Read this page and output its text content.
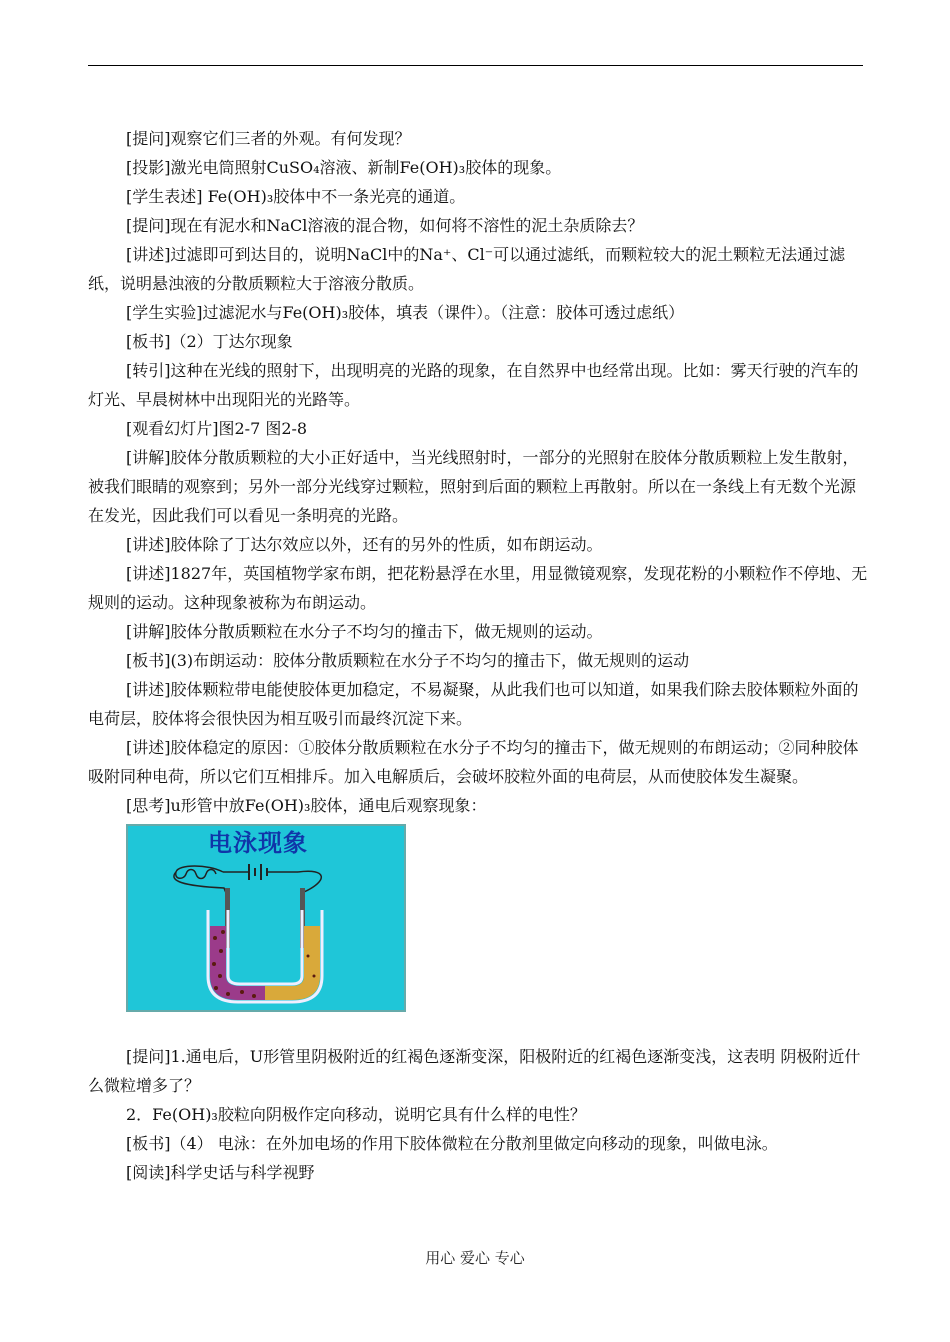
[提问]观察它们三者的外观。有何发现？

[投影]激光电筒照射CuSO₄溶液、新制Fe(OH)₃胶体的现象。

[学生表述] Fe(OH)₃胶体中不一条光亮的通道。

[提问]现在有泥水和NaCl溶液的混合物，如何将不溶性的泥土杂质除去？

[讲述]过滤即可到达目的，说明NaCl中的Na⁺、Cl⁻可以通过滤纸，而颗粒较大的泥土颗粒无法通过滤纸，说明悬浊液的分散质颗粒大于溶液分散质。

[学生实验]过滤泥水与Fe(OH)₃胶体，填表（课件）。（注意：胶体可透过虑纸）

[板书]（2）丁达尔现象

[转引]这种在光线的照射下，出现明亮的光路的现象，在自然界中也经常出现。比如：雾天行驶的汽车的灯光、早晨树林中出现阳光的光路等。

[观看幻灯片]图2-7 图2-8

[讲解]胶体分散质颗粒的大小正好适中，当光线照射时，一部分的光照射在胶体分散质颗粒上发生散射，被我们眼睛的观察到；另外一部分光线穿过颗粒，照射到后面的颗粒上再散射。所以在一条线上有无数个光源在发光，因此我们可以看见一条明亮的光路。

[讲述]胶体除了丁达尔效应以外，还有的另外的性质，如布朗运动。

[讲述]1827年，英国植物学家布朗，把花粉悬浮在水里，用显微镜观察，发现花粉的小颗粒作不停地、无规则的运动。这种现象被称为布朗运动。

[讲解]胶体分散质颗粒在水分子不均匀的撞击下，做无规则的运动。

[板书](3)布朗运动：胶体分散质颗粒在水分子不均匀的撞击下，做无规则的运动

[讲述]胶体颗粒带电能使胶体更加稳定，不易凝聚，从此我们也可以知道，如果我们除去胶体颗粒外面的电荷层，胶体将会很快因为相互吸引而最终沉淀下来。

[讲述]胶体稳定的原因：①胶体分散质颗粒在水分子不均匀的撞击下，做无规则的布朗运动；②同种胶体吸附同种电荷，所以它们互相排斥。加入电解质后，会破坏胶粒外面的电荷层，从而使胶体发生凝聚。

[思考]u形管中放Fe(OH)₃胶体，通电后观察现象：

电泳现象

[提问]1.通电后，U形管里阴极附近的红褐色逐渐变深，阳极附近的红褐色逐渐变浅，这表明 阴极附近什么微粒增多了？

2．Fe(OH)₃胶粒向阴极作定向移动，说明它具有什么样的电性？

[板书]（4） 电泳：在外加电场的作用下胶体微粒在分散剂里做定向移动的现象，叫做电泳。

[阅读]科学史话与科学视野

用心 爱心 专心
